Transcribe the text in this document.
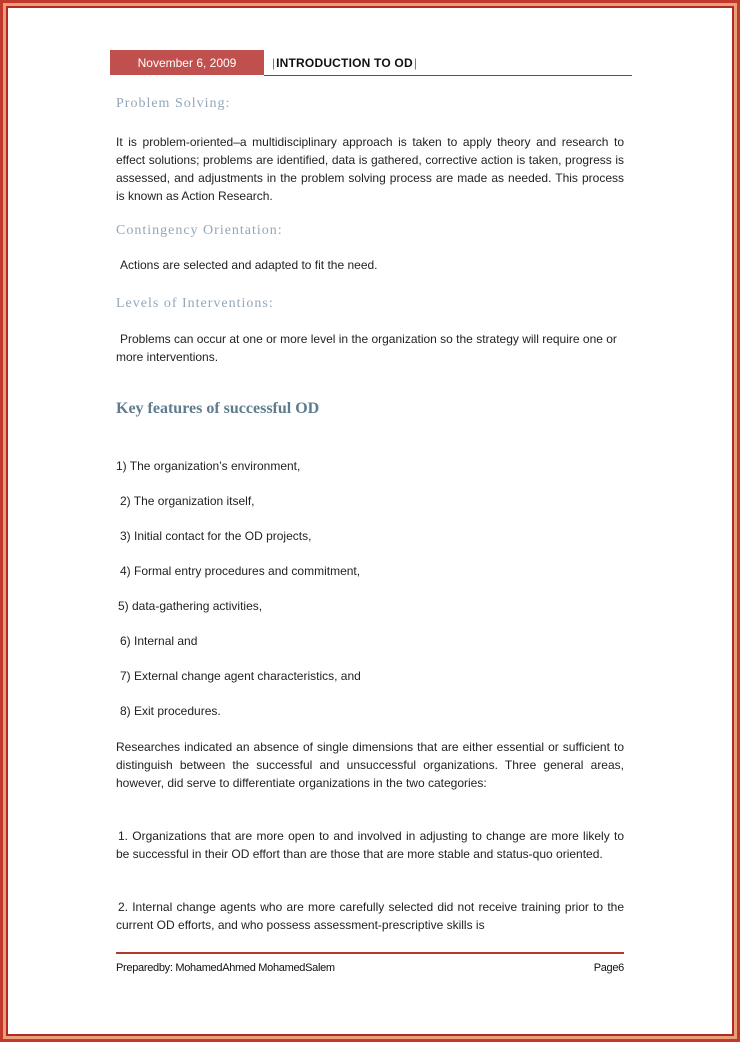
November 6, 2009	| INTRODUCTION TO OD |
Problem Solving:

It is problem-oriented–a multidisciplinary approach is taken to apply theory and research to effect solutions; problems are identified, data is gathered, corrective action is taken, progress is assessed, and adjustments in the problem solving process are made as needed. This process is known as Action Research.

Contingency Orientation:

Actions are selected and adapted to fit the need.

Levels of Interventions:

Problems can occur at one or more level in the organization so the strategy will require one or more interventions.

Key features of successful OD
1) The organization’s environment,
2) The organization itself,
3) Initial contact for the OD projects,
4) Formal entry procedures and commitment,
5) data-gathering activities,
6) Internal and
7) External change agent characteristics, and
8) Exit procedures.

Researches indicated an absence of single dimensions that are either essential or sufficient to distinguish between the successful and unsuccessful organizations. Three general areas, however, did serve to differentiate organizations in the two categories:

1. Organizations that are more open to and involved in adjusting to change are more likely to be successful in their OD effort than are those that are more stable and status-quo oriented.

2. Internal change agents who are more carefully selected did not receive training prior to the current OD efforts, and who possess assessment-prescriptive skills is

Preparedby: MohamedAhmed MohamedSalem	Page6
